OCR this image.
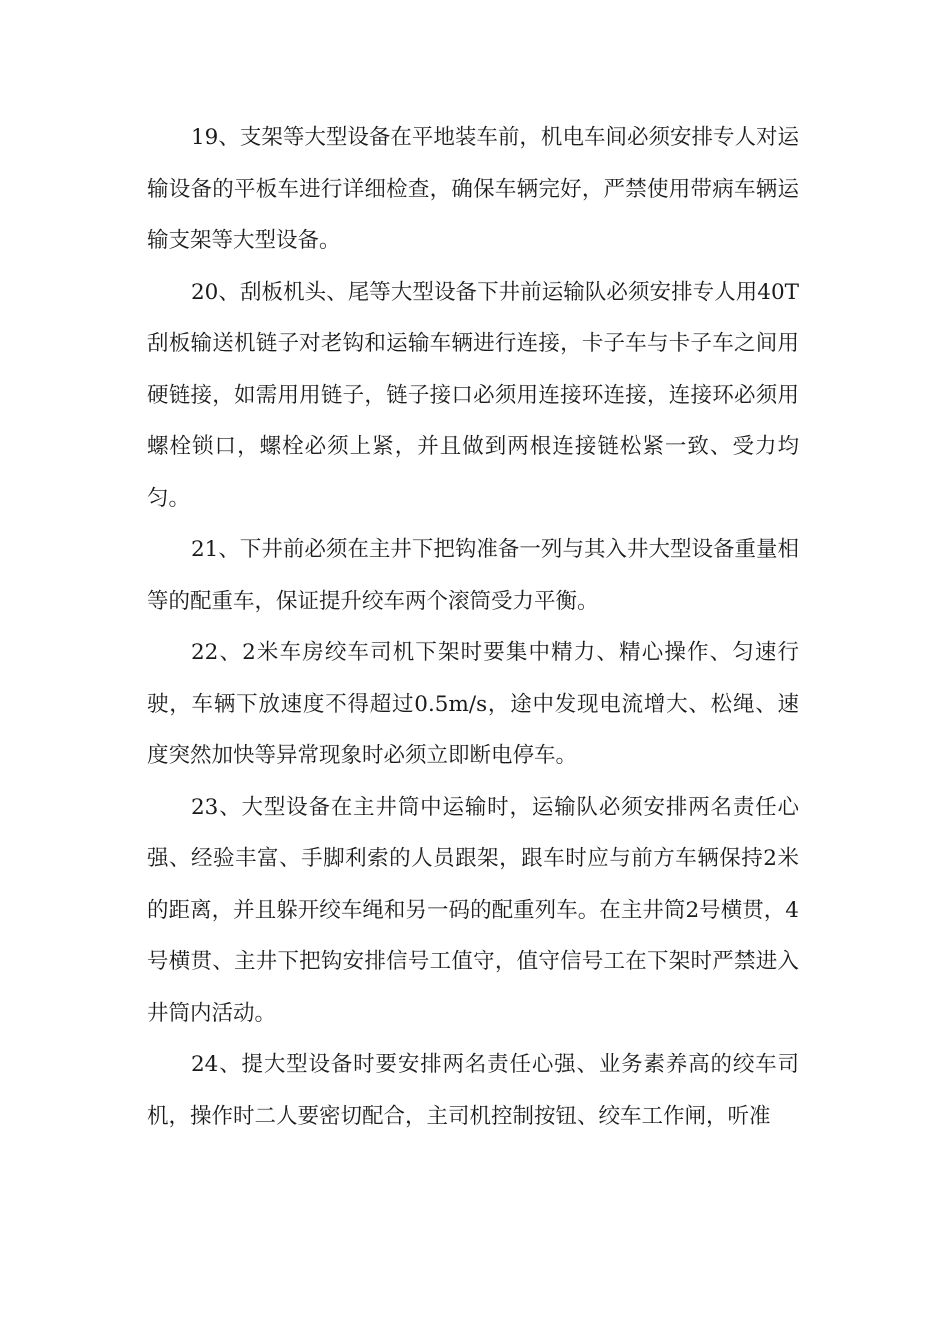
19、支架等大型设备在平地装车前，机电车间必须安排专人对运输设备的平板车进行详细检查，确保车辆完好，严禁使用带病车辆运输支架等大型设备。

20、刮板机头、尾等大型设备下井前运输队必须安排专人用40T刮板输送机链子对老钩和运输车辆进行连接，卡子车与卡子车之间用硬链接，如需用用链子，链子接口必须用连接环连接，连接环必须用螺栓锁口，螺栓必须上紧，并且做到两根连接链松紧一致、受力均匀。

21、下井前必须在主井下把钩准备一列与其入井大型设备重量相等的配重车，保证提升绞车两个滚筒受力平衡。

22、2米车房绞车司机下架时要集中精力、精心操作、匀速行驶，车辆下放速度不得超过0.5m/s，途中发现电流增大、松绳、速度突然加快等异常现象时必须立即断电停车。

23、大型设备在主井筒中运输时，运输队必须安排两名责任心强、经验丰富、手脚利索的人员跟架，跟车时应与前方车辆保持2米的距离，并且躲开绞车绳和另一码的配重列车。在主井筒2号横贯，4号横贯、主井下把钩安排信号工值守，值守信号工在下架时严禁进入井筒内活动。

24、提大型设备时要安排两名责任心强、业务素养高的绞车司机，操作时二人要密切配合，主司机控制按钮、绞车工作闸，听准
